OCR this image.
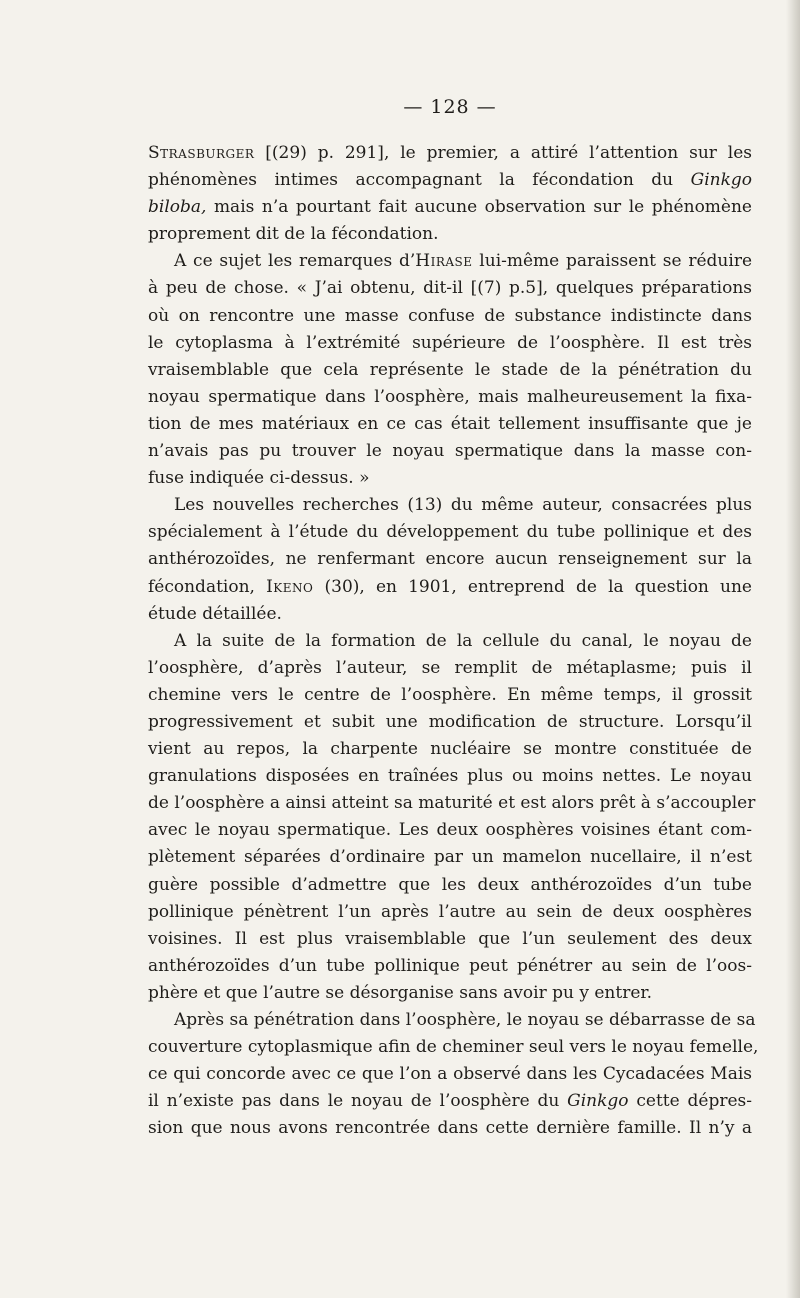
— 128 —
Strasburger [(29) p. 291], le premier, a attiré l’attention sur les
phénomènes intimes accompagnant la fécondation du Ginkgo
biloba, mais n’a pourtant fait aucune observation sur le phénomène
proprement dit de la fécondation.
A ce sujet les remarques d’Hirase lui-même paraissent se réduire
à peu de chose. « J’ai obtenu, dit-il [(7) p.5], quelques préparations
où on rencontre une masse confuse de substance indistincte dans
le cytoplasma à l’extrémité supérieure de l’oosphère. Il est très
vraisemblable que cela représente le stade de la pénétration du
noyau spermatique dans l’oosphère, mais malheureusement la fixa-
tion de mes matériaux en ce cas était tellement insuffisante que je
n’avais pas pu trouver le noyau spermatique dans la masse con-
fuse indiquée ci-dessus. »
Les nouvelles recherches (13) du même auteur, consacrées plus
spécialement à l’étude du développement du tube pollinique et des
anthérozoïdes, ne renfermant encore aucun renseignement sur la
fécondation, Ikeno (30), en 1901, entreprend de la question une
étude détaillée.
A la suite de la formation de la cellule du canal, le noyau de
l’oosphère, d’après l’auteur, se remplit de métaplasme; puis il
chemine vers le centre de l’oosphère. En même temps, il grossit
progressivement et subit une modification de structure. Lorsqu’il
vient au repos, la charpente nucléaire se montre constituée de
granulations disposées en traînées plus ou moins nettes. Le noyau
de l’oosphère a ainsi atteint sa maturité et est alors prêt à s’accoupler
avec le noyau spermatique. Les deux oosphères voisines étant com-
plètement séparées d’ordinaire par un mamelon nucellaire, il n’est
guère possible d’admettre que les deux anthérozoïdes d’un tube
pollinique pénètrent l’un après l’autre au sein de deux oosphères
voisines. Il est plus vraisemblable que l’un seulement des deux
anthérozoïdes d’un tube pollinique peut pénétrer au sein de l’oos-
phère et que l’autre se désorganise sans avoir pu y entrer.
Après sa pénétration dans l’oosphère, le noyau se débarrasse de sa
couverture cytoplasmique afin de cheminer seul vers le noyau femelle,
ce qui concorde avec ce que l’on a observé dans les Cycadacées Mais
il n’existe pas dans le noyau de l’oosphère du Ginkgo cette dépres-
sion que nous avons rencontrée dans cette dernière famille. Il n’y a
